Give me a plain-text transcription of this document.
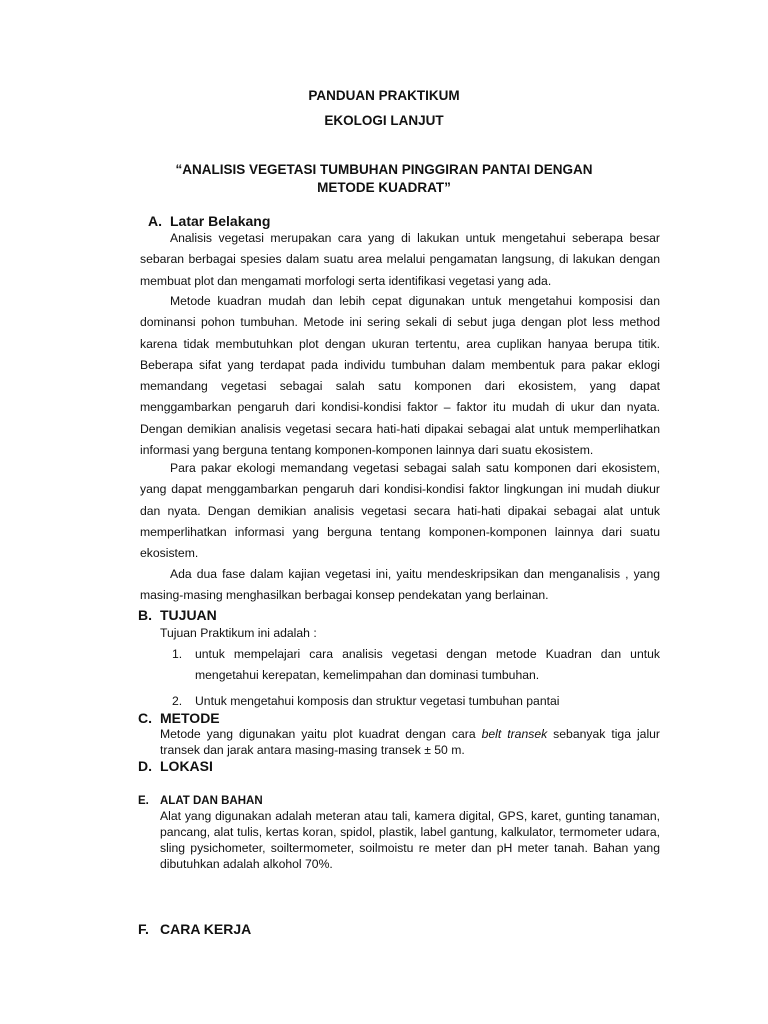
PANDUAN PRAKTIKUM
EKOLOGI LANJUT
“ANALISIS VEGETASI TUMBUHAN PINGGIRAN PANTAI DENGAN
METODE KUADRAT”
A. Latar Belakang

Analisis vegetasi merupakan cara yang di lakukan untuk mengetahui seberapa besar sebaran berbagai spesies dalam suatu area melalui pengamatan langsung, di lakukan dengan membuat plot dan mengamati morfologi serta identifikasi vegetasi yang ada.

Metode kuadran mudah dan lebih cepat digunakan untuk mengetahui komposisi dan dominansi pohon tumbuhan. Metode ini sering sekali di sebut juga dengan plot less method karena tidak membutuhkan plot dengan ukuran tertentu, area cuplikan hanyaa berupa titik. Beberapa sifat yang terdapat pada individu tumbuhan dalam membentuk para pakar eklogi memandang vegetasi sebagai salah satu komponen dari ekosistem, yang dapat menggambarkan pengaruh dari kondisi-kondisi faktor – faktor itu mudah di ukur dan nyata. Dengan demikian analisis vegetasi secara hati-hati dipakai sebagai alat untuk memperlihatkan informasi yang berguna tentang komponen-komponen lainnya dari suatu ekosistem.

Para pakar ekologi memandang vegetasi sebagai salah satu komponen dari ekosistem, yang dapat menggambarkan pengaruh dari kondisi-kondisi faktor lingkungan ini mudah diukur dan nyata. Dengan demikian analisis vegetasi secara hati-hati dipakai sebagai alat untuk memperlihatkan informasi yang berguna tentang komponen-komponen lainnya dari suatu ekosistem.

Ada dua fase dalam kajian vegetasi ini, yaitu mendeskripsikan dan menganalisis , yang masing-masing menghasilkan berbagai konsep pendekatan yang berlainan.

B. TUJUAN

Tujuan Praktikum ini adalah :

1. untuk mempelajari cara analisis vegetasi dengan metode Kuadran dan untuk mengetahui kerepatan, kemelimpahan dan dominasi tumbuhan.
2. Untuk mengetahui komposis dan struktur vegetasi tumbuhan pantai
C. METODE

Metode yang digunakan yaitu plot kuadrat dengan cara belt transek sebanyak tiga jalur transek dan jarak antara masing-masing transek ± 50 m.

D. LOKASI
E. ALAT DAN BAHAN

Alat yang digunakan adalah meteran atau tali, kamera digital, GPS, karet, gunting tanaman, pancang, alat tulis, kertas koran, spidol, plastik, label gantung, kalkulator, termometer udara, sling pysichometer, soiltermometer, soilmoistu re meter dan pH meter tanah. Bahan yang dibutuhkan adalah alkohol 70%.

F. CARA KERJA
